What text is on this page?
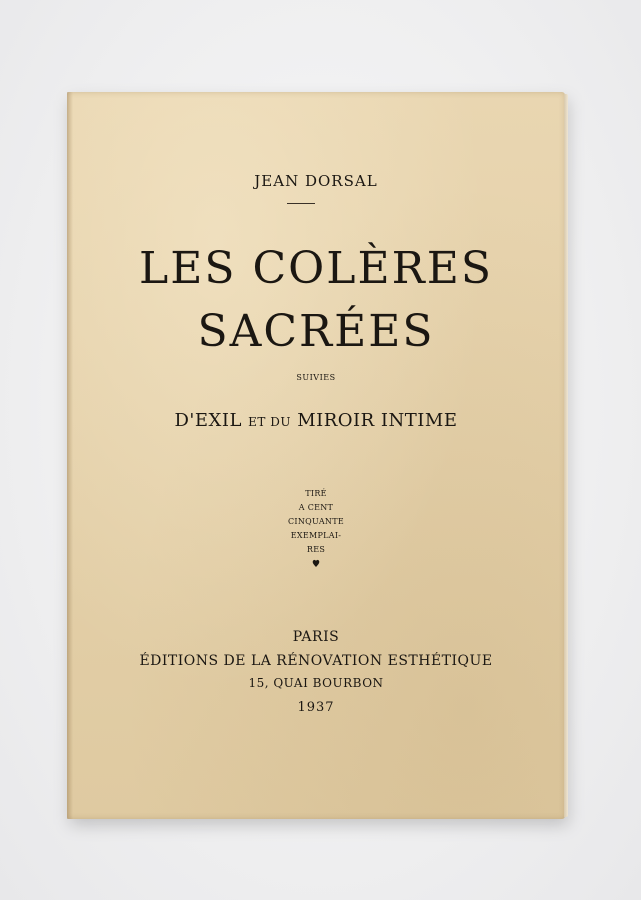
JEAN DORSAL
LES COLÈRES
SACRÉES
SUIVIES
D'EXIL ET DU MIROIR INTIME
TIRÉ
A CENT
CINQUANTE
EXEMPLAI-
RES
PARIS
ÉDITIONS DE LA RÉNOVATION ESTHÉTIQUE
15, QUAI BOURBON
1937
